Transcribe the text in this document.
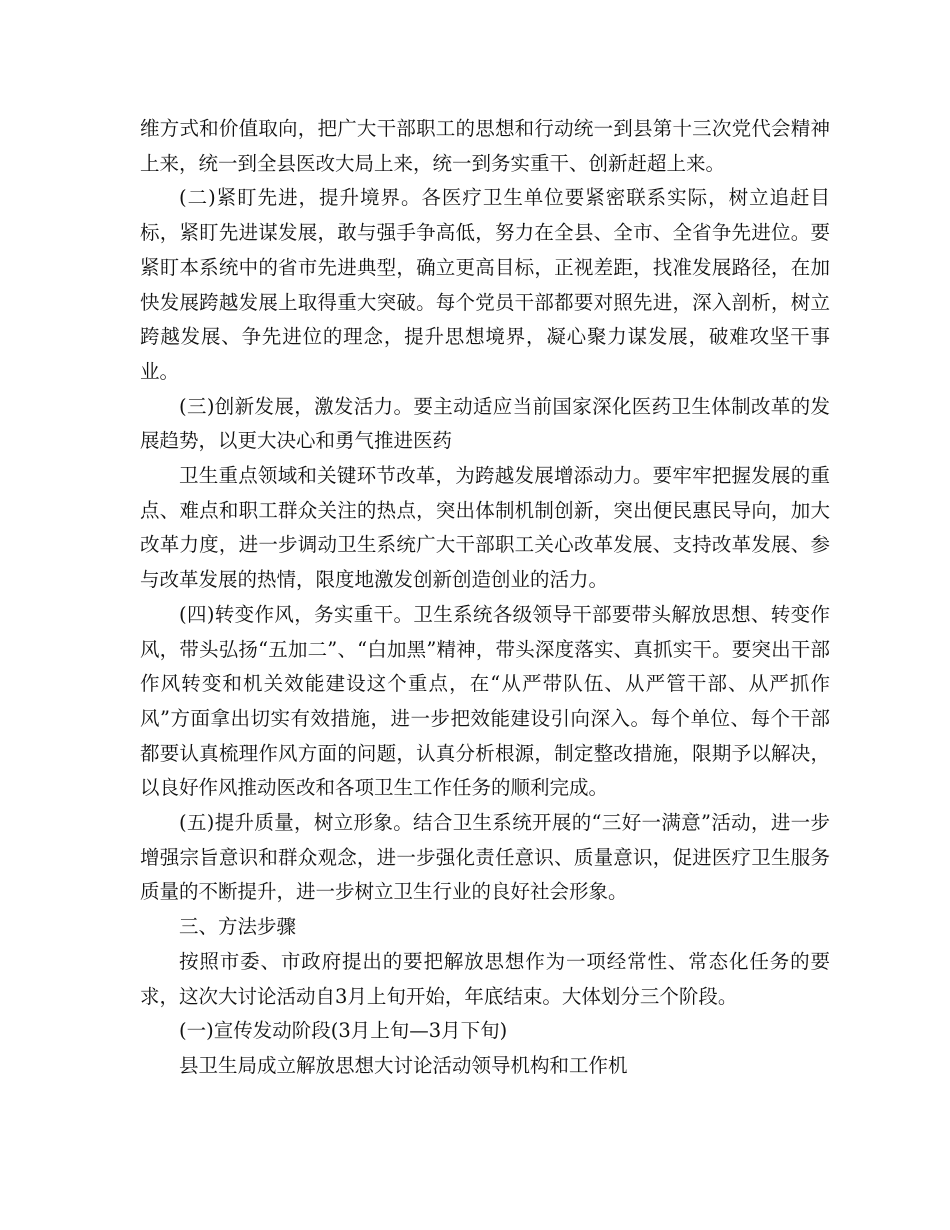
维方式和价值取向，把广大干部职工的思想和行动统一到县第十三次党代会精神上来，统一到全县医改大局上来，统一到务实重干、创新赶超上来。

(二)紧盯先进，提升境界。各医疗卫生单位要紧密联系实际，树立追赶目标，紧盯先进谋发展，敢与强手争高低，努力在全县、全市、全省争先进位。要紧盯本系统中的省市先进典型，确立更高目标，正视差距，找准发展路径，在加快发展跨越发展上取得重大突破。每个党员干部都要对照先进，深入剖析，树立跨越发展、争先进位的理念，提升思想境界，凝心聚力谋发展，破难攻坚干事业。

(三)创新发展，激发活力。要主动适应当前国家深化医药卫生体制改革的发展趋势，以更大决心和勇气推进医药

卫生重点领域和关键环节改革，为跨越发展增添动力。要牢牢把握发展的重点、难点和职工群众关注的热点，突出体制机制创新，突出便民惠民导向，加大改革力度，进一步调动卫生系统广大干部职工关心改革发展、支持改革发展、参与改革发展的热情，限度地激发创新创造创业的活力。

(四)转变作风，务实重干。卫生系统各级领导干部要带头解放思想、转变作风，带头弘扬“五加二”、“白加黑”精神，带头深度落实、真抓实干。要突出干部作风转变和机关效能建设这个重点，在“从严带队伍、从严管干部、从严抓作风”方面拿出切实有效措施，进一步把效能建设引向深入。每个单位、每个干部都要认真梳理作风方面的问题，认真分析根源，制定整改措施，限期予以解决，以良好作风推动医改和各项卫生工作任务的顺利完成。

(五)提升质量，树立形象。结合卫生系统开展的“三好一满意”活动，进一步增强宗旨意识和群众观念，进一步强化责任意识、质量意识，促进医疗卫生服务质量的不断提升，进一步树立卫生行业的良好社会形象。

三、方法步骤

按照市委、市政府提出的要把解放思想作为一项经常性、常态化任务的要求，这次大讨论活动自3月上旬开始，年底结束。大体划分三个阶段。

(一)宣传发动阶段(3月上旬—3月下旬)

县卫生局成立解放思想大讨论活动领导机构和工作机
